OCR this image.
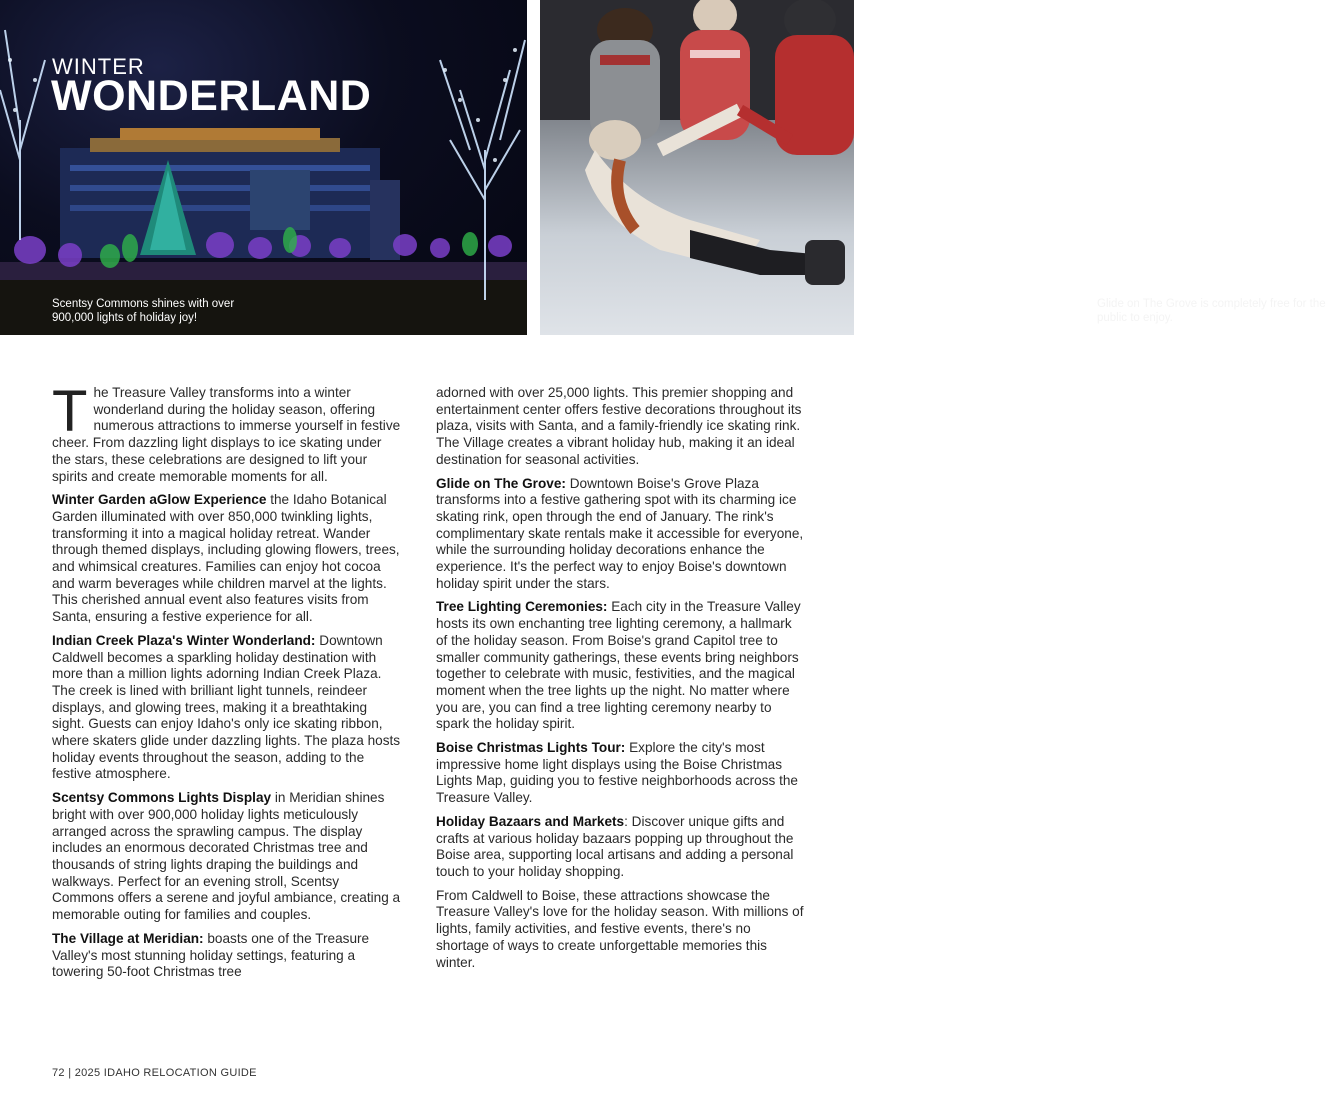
WINTER
WONDERLAND
Scentsy Commons shines with over 900,000 lights of holiday joy!
Glide on The Grove is completely free for the public to enjoy.

The Treasure Valley transforms into a winter wonderland during the holiday season, offering numerous attractions to immerse yourself in festive cheer. From dazzling light displays to ice skating under the stars, these celebrations are designed to lift your spirits and create memorable moments for all.

Winter Garden aGlow Experience the Idaho Botanical Garden illuminated with over 850,000 twinkling lights, transforming it into a magical holiday retreat. Wander through themed displays, including glowing flowers, trees, and whimsical creatures. Families can enjoy hot cocoa and warm beverages while children marvel at the lights. This cherished annual event also features visits from Santa, ensuring a festive experience for all.

Indian Creek Plaza's Winter Wonderland: Downtown Caldwell becomes a sparkling holiday destination with more than a million lights adorning Indian Creek Plaza. The creek is lined with brilliant light tunnels, reindeer displays, and glowing trees, making it a breathtaking sight. Guests can enjoy Idaho's only ice skating ribbon, where skaters glide under dazzling lights. The plaza hosts holiday events throughout the season, adding to the festive atmosphere.

Scentsy Commons Lights Display in Meridian shines bright with over 900,000 holiday lights meticulously arranged across the sprawling campus. The display includes an enormous decorated Christmas tree and thousands of string lights draping the buildings and walkways. Perfect for an evening stroll, Scentsy Commons offers a serene and joyful ambiance, creating a memorable outing for families and couples.

The Village at Meridian: boasts one of the Treasure Valley's most stunning holiday settings, featuring a towering 50-foot Christmas tree

adorned with over 25,000 lights. This premier shopping and entertainment center offers festive decorations throughout its plaza, visits with Santa, and a family-friendly ice skating rink. The Village creates a vibrant holiday hub, making it an ideal destination for seasonal activities.

Glide on The Grove: Downtown Boise's Grove Plaza transforms into a festive gathering spot with its charming ice skating rink, open through the end of January. The rink's complimentary skate rentals make it accessible for everyone, while the surrounding holiday decorations enhance the experience. It's the perfect way to enjoy Boise's downtown holiday spirit under the stars.

Tree Lighting Ceremonies: Each city in the Treasure Valley hosts its own enchanting tree lighting ceremony, a hallmark of the holiday season. From Boise's grand Capitol tree to smaller community gatherings, these events bring neighbors together to celebrate with music, festivities, and the magical moment when the tree lights up the night. No matter where you are, you can find a tree lighting ceremony nearby to spark the holiday spirit.

Boise Christmas Lights Tour: Explore the city's most impressive home light displays using the Boise Christmas Lights Map, guiding you to festive neighborhoods across the Treasure Valley.

Holiday Bazaars and Markets: Discover unique gifts and crafts at various holiday bazaars popping up throughout the Boise area, supporting local artisans and adding a personal touch to your holiday shopping.

From Caldwell to Boise, these attractions showcase the Treasure Valley's love for the holiday season. With millions of lights, family activities, and festive events, there's no shortage of ways to create unforgettable memories this winter.

72 | 2025 IDAHO RELOCATION GUIDE
